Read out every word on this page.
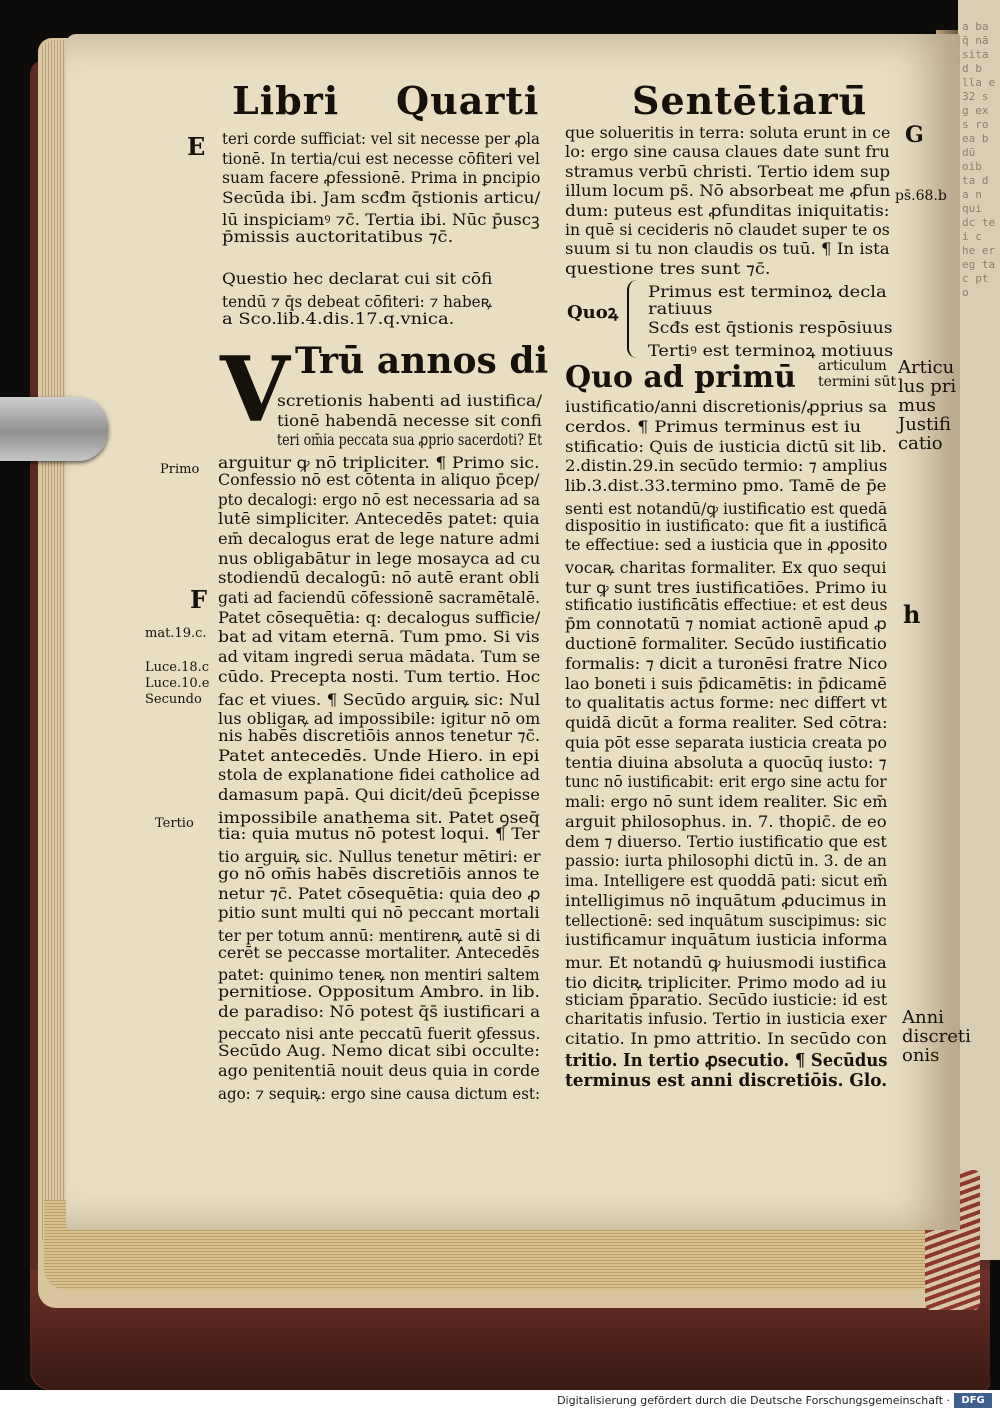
a ba q̄ nā sita d b lla e 32 s g ex s ro ea b dū oib ta d a n qui dc te i c he er eg ta c pt o
Libri Quarti Sentētiarū̄
E	G
F
h
ps̄.68.b
Primo
mat.19.c.
Luce.18.c
Luce.10.e
Secundo
Tertio
Articu
lus pri
mus
Justifi
catio
Anni
discreti
onis
V
teri corde sufficiat: vel sit necesse per ꝓla
tionē. In tertia/cui est necesse cōfiteri vel
suam facere ꝓfessionē. Prima in ꝑncipio
Secūda ibi. Jam scđm q̄stionis articu/
lū inspiciamꝰ ⁊c̄. Tertia ibi. Nūc p̄uscꝫ
p̄missis auctoritatibus ⁊c̄.
Questio hec declarat cui sit cōfi
tendū ⁊ q̄s debeat cōfiteri: ⁊ habeꝶ
a Sco.lib.4.dis.17.q.vnica.
Trū annos di
scretionis habenti ad iustifica/
tionē habendā necesse sit confi
teri om̄ia peccata sua ꝓprio sacerdoti? Et
arguitur ꝙ nō tripliciter. ¶ Primo sic.
Confessio nō est cōtenta in aliquo p̄cep/
pto decalogi: ergo nō est necessaria ad sa
lutē simpliciter. Antecedēs patet: quia
em̄ decalogus erat de lege nature admi
nus obligabātur in lege mosayca ad cu
stodiendū decalogū: nō autē erant obli
gati ad faciendū cōfessionē sacramētalē.
Patet cōsequētia: q: decalogus sufficie/
bat ad vitam eternā. Tum pmo. Si vis
ad vitam ingredi serua mādata. Tum se
cūdo. Precepta nosti. Tum tertio. Hoc
fac et viues. ¶ Secūdo arguiꝶ sic: Nul
lus obligaꝶ ad impossibile: igitur nō om
nis habēs discretiōis annos tenetur ⁊c̄.
Patet antecedēs. Unde Hiero. in epi
stola de explanatione fidei catholice ad
damasum papā. Qui dicit/deū p̄cepisse
impossibile anathema sit. Patet ꝯseq̄
tia: quia mutus nō potest loqui. ¶ Ter
tio arguiꝶ sic. Nullus tenetur mētiri: er
go nō om̄is habēs discretiōis annos te
netur ⁊c̄. Patet cōsequētia: quia deo ꝓ
pitio sunt multi qui nō peccant mortali
ter per totum annū: mentirenꝶ autē si di
cerēt se peccasse mortaliter. Antecedēs
patet: quinimo teneꝶ non mentiri saltem
pernitiose. Oppositum Ambro. in lib.
de paradiso: Nō potest q̄s̄ iustificari a
peccato nisi ante peccatū fuerit ꝯfessus.
Secūdo Aug. Nemo dicat sibi occulte:
ago penitentiā nouit deus quia in corde
ago: ⁊ sequiꝶ: ergo sine causa dictum est:
que solueritis in terra: soluta erunt in ce
lo: ergo sine causa claues date sunt fru
stramus verbū christi. Tertio idem sup
illum locum ps̄. Nō absorbeat me ꝓfun
dum: puteus est ꝓfunditas iniquitatis:
in quē si cecideris nō claudet super te os
suum si tu non claudis os tuū. ¶ In ista
questione tres sunt ⁊c̄.
Quoꝝ
Primus est terminoꝝ decla
ratiuus
Scđs est q̄stionis respōsiuus
Tertiꝰ est terminoꝝ motiuus
Quo ad primū articulum
termini sūt
iustificatio/anni discretionis/ꝓprius sa
cerdos. ¶ Primus terminus est iu
stificatio: Quis de iusticia dictū sit lib.
2.distin.29.in secūdo termio: ⁊ amplius
lib.3.dist.33.termino pmo. Tamē de p̄e
senti est notandū/ꝙ iustificatio est quedā
dispositio in iustificato: que fit a iustificā
te effectiue: sed a iusticia que in ꝓposito
vocaꝶ charitas formaliter. Ex quo sequi
tur ꝙ sunt tres iustificatiōes. Primo iu
stificatio iustificātis effectiue: et est deus
p̄m connotatū ⁊ nomiat actionē apud ꝓ
ductionē formaliter. Secūdo iustificatio
formalis: ⁊ dicit a turonēsi fratre Nico
lao boneti i suis p̄dicamētis: in p̄dicamē
to qualitatis actus forme: nec differt vt
quidā dicūt a forma realiter. Sed cōtra:
quia pōt esse separata iusticia creata po
tentia diuina absoluta a quocūq iusto: ⁊
tunc nō iustificabit: erit ergo sine actu for
mali: ergo nō sunt idem realiter. Sic em̄
arguit philosophus. in. 7. thopic̄. de eo
dem ⁊ diuerso. Tertio iustificatio que est
passio: iurta philosophi dictū in. 3. de an
ima. Intelligere est quoddā pati: sicut em̄
intelligimus nō inquātum ꝓducimus in
tellectionē: sed inquātum suscipimus: sic
iustificamur inquātum iusticia informa
mur. Et notandū ꝙ huiusmodi iustifica
tio dicitꝶ tripliciter. Primo modo ad iu
sticiam p̄paratio. Secūdo iusticie: id est
charitatis infusio. Tertio in iusticia exer
citatio. In pmo attritio. In secūdo con
tritio. In tertio ꝓsecutio. ¶ Secūdus
terminus est anni discretiōis. Glo.
Digitalisierung gefördert durch die Deutsche Forschungsgemeinschaft ·	DFG
